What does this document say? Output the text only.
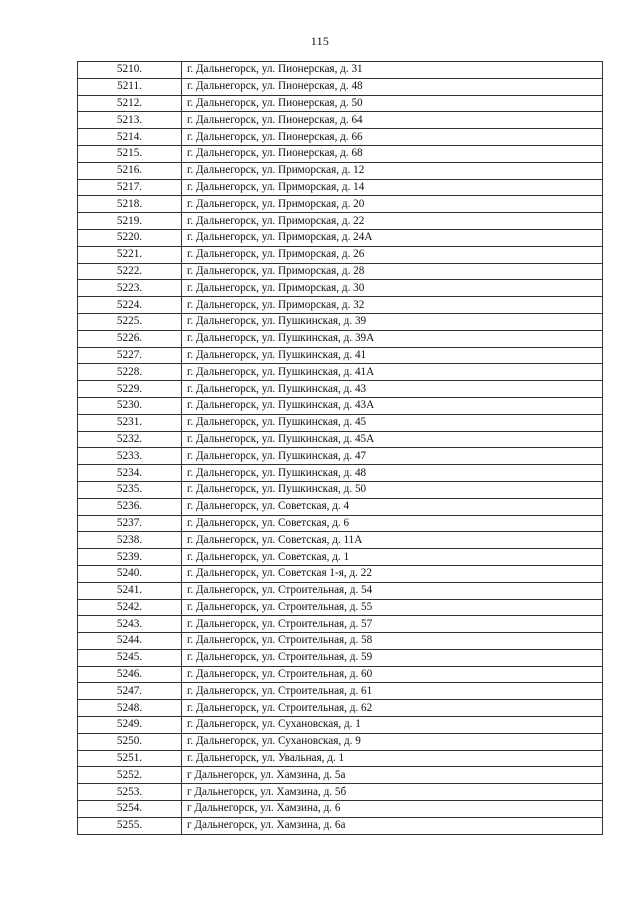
115
5210.	г. Дальнегорск, ул. Пионерская, д. 31
5211.	г. Дальнегорск, ул. Пионерская, д. 48
5212.	г. Дальнегорск, ул. Пионерская, д. 50
5213.	г. Дальнегорск, ул. Пионерская, д. 64
5214.	г. Дальнегорск, ул. Пионерская, д. 66
5215.	г. Дальнегорск, ул. Пионерская, д. 68
5216.	г. Дальнегорск, ул. Приморская, д. 12
5217.	г. Дальнегорск, ул. Приморская, д. 14
5218.	г. Дальнегорск, ул. Приморская, д. 20
5219.	г. Дальнегорск, ул. Приморская, д. 22
5220.	г. Дальнегорск, ул. Приморская, д. 24А
5221.	г. Дальнегорск, ул. Приморская, д. 26
5222.	г. Дальнегорск, ул. Приморская, д. 28
5223.	г. Дальнегорск, ул. Приморская, д. 30
5224.	г. Дальнегорск, ул. Приморская, д. 32
5225.	г. Дальнегорск, ул. Пушкинская, д. 39
5226.	г. Дальнегорск, ул. Пушкинская, д. 39А
5227.	г. Дальнегорск, ул. Пушкинская, д. 41
5228.	г. Дальнегорск, ул. Пушкинская, д. 41А
5229.	г. Дальнегорск, ул. Пушкинская, д. 43
5230.	г. Дальнегорск, ул. Пушкинская, д. 43А
5231.	г. Дальнегорск, ул. Пушкинская, д. 45
5232.	г. Дальнегорск, ул. Пушкинская, д. 45А
5233.	г. Дальнегорск, ул. Пушкинская, д. 47
5234.	г. Дальнегорск, ул. Пушкинская, д. 48
5235.	г. Дальнегорск, ул. Пушкинская, д. 50
5236.	г. Дальнегорск, ул. Советская, д. 4
5237.	г. Дальнегорск, ул. Советская, д. 6
5238.	г. Дальнегорск, ул. Советская, д. 11А
5239.	г. Дальнегорск, ул. Советская, д. 1
5240.	г. Дальнегорск, ул. Советская 1-я, д. 22
5241.	г. Дальнегорск, ул. Строительная, д. 54
5242.	г. Дальнегорск, ул. Строительная, д. 55
5243.	г. Дальнегорск, ул. Строительная, д. 57
5244.	г. Дальнегорск, ул. Строительная, д. 58
5245.	г. Дальнегорск, ул. Строительная, д. 59
5246.	г. Дальнегорск, ул. Строительная, д. 60
5247.	г. Дальнегорск, ул. Строительная, д. 61
5248.	г. Дальнегорск, ул. Строительная, д. 62
5249.	г. Дальнегорск, ул. Сухановская, д. 1
5250.	г. Дальнегорск, ул. Сухановская, д. 9
5251.	г. Дальнегорск, ул. Увальная, д. 1
5252.	г Дальнегорск, ул. Хамзина, д. 5а
5253.	г Дальнегорск, ул. Хамзина, д. 5б
5254.	г Дальнегорск, ул. Хамзина, д. 6
5255.	г Дальнегорск, ул. Хамзина, д. 6а
